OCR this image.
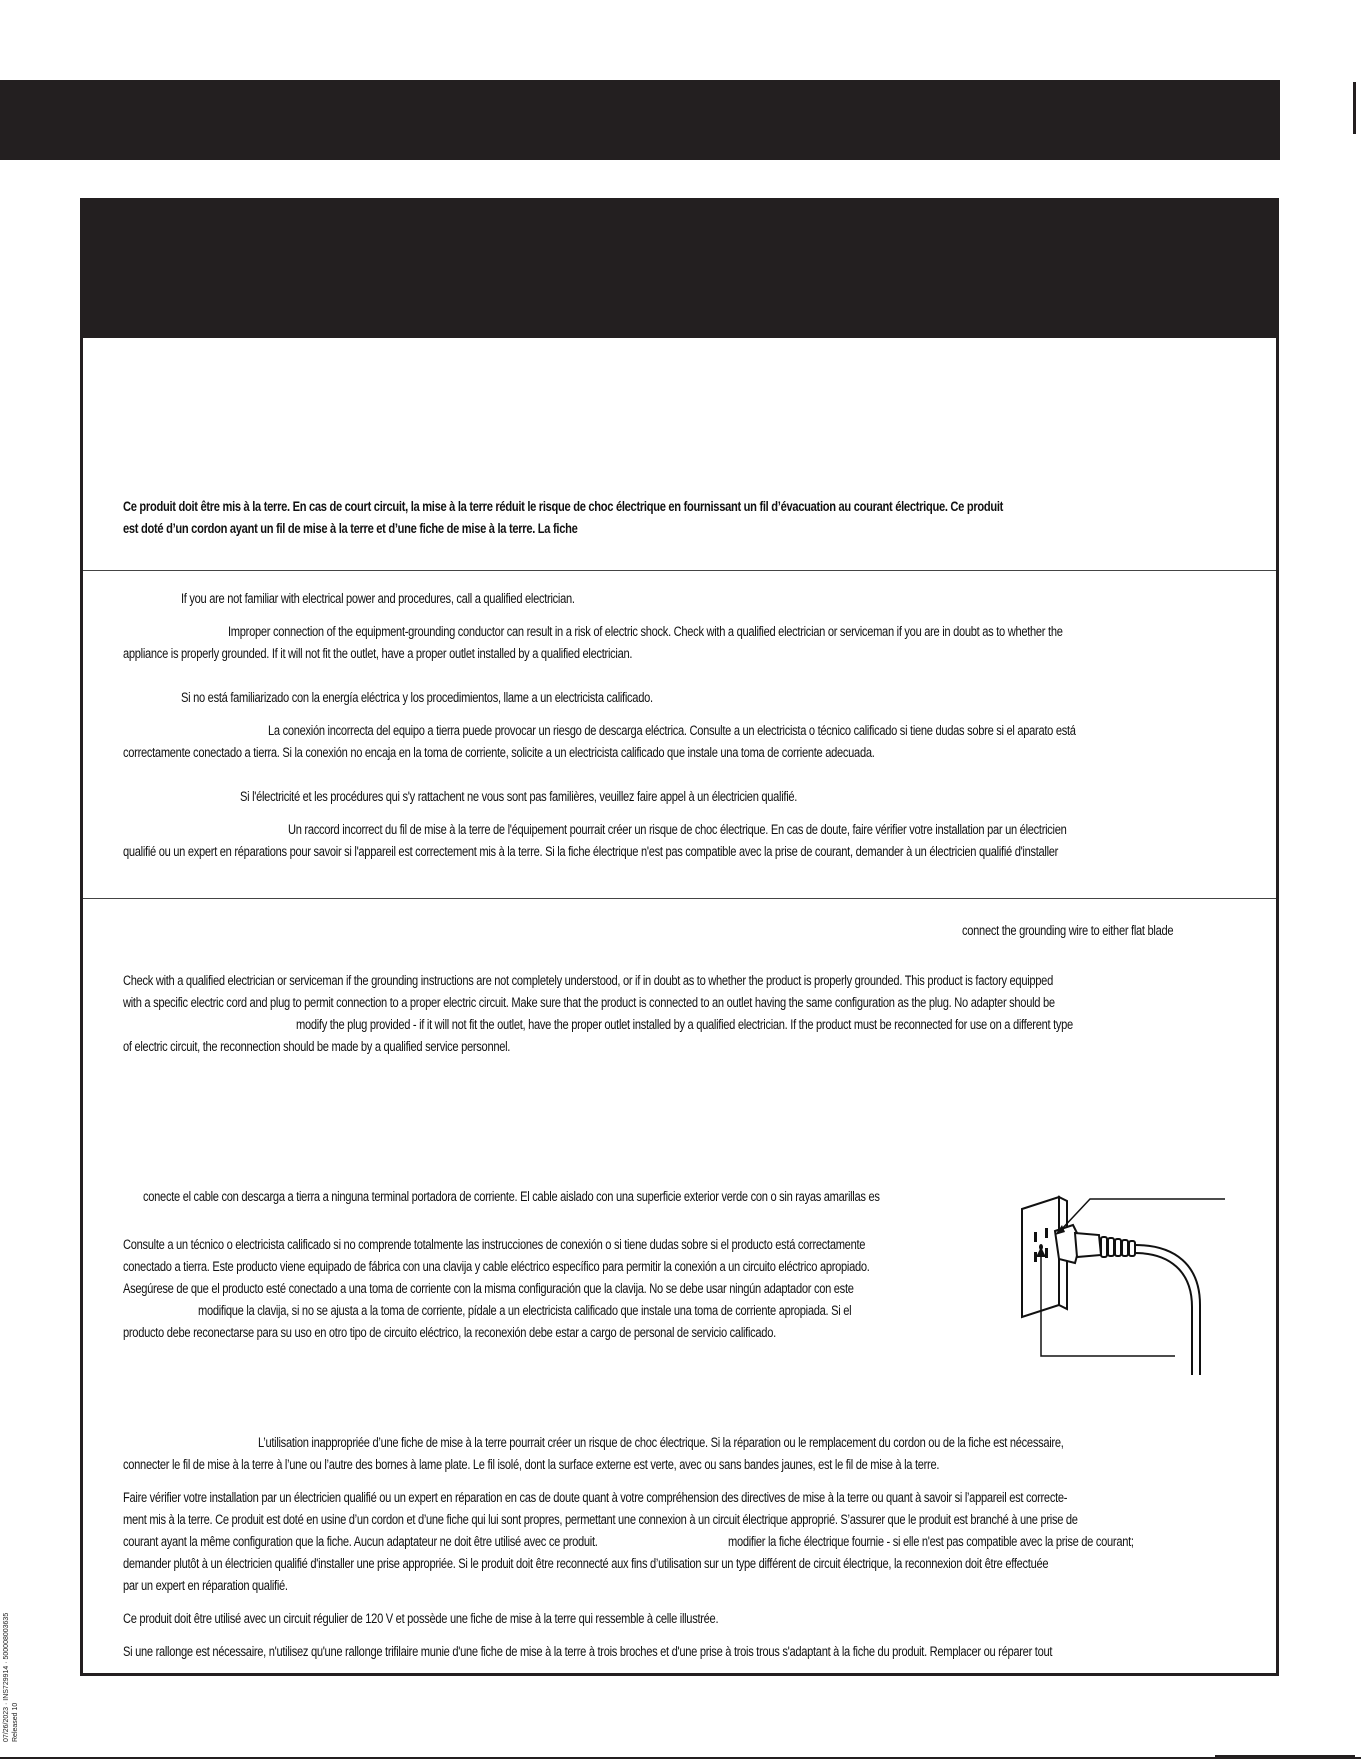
Ce produit doit être mis à la terre. En cas de court circuit, la mise à la terre réduit le risque de choc électrique en fournissant un fil d’évacuation au courant électrique. Ce produit
est doté d’un cordon ayant un fil de mise à la terre et d’une fiche de mise à la terre. La fiche
If you are not familiar with electrical power and procedures, call a qualified electrician.
Improper connection of the equipment-grounding conductor can result in a risk of electric shock. Check with a qualified electrician or serviceman if you are in doubt as to whether the
appliance is properly grounded. If it will not fit the outlet, have a proper outlet installed by a qualified electrician.
Si no está familiarizado con la energía eléctrica y los procedimientos, llame a un electricista calificado.
La conexión incorrecta del equipo a tierra puede provocar un riesgo de descarga eléctrica. Consulte a un electricista o técnico calificado si tiene dudas sobre si el aparato está
correctamente conectado a tierra. Si la conexión no encaja en la toma de corriente, solicite a un electricista calificado que instale una toma de corriente adecuada.
Si l'électricité et les procédures qui s'y rattachent ne vous sont pas familières, veuillez faire appel à un électricien qualifié.
Un raccord incorrect du fil de mise à la terre de l'équipement pourrait créer un risque de choc électrique. En cas de doute, faire vérifier votre installation par un électricien
qualifié ou un expert en réparations pour savoir si l'appareil est correctement mis à la terre. Si la fiche électrique n'est pas compatible avec la prise de courant, demander à un électricien qualifié d'installer
connect the grounding wire to either flat blade
Check with a qualified electrician or serviceman if the grounding instructions are not completely understood, or if in doubt as to whether the product is properly grounded. This product is factory equipped
with a specific electric cord and plug to permit connection to a proper electric circuit. Make sure that the product is connected to an outlet having the same configuration as the plug. No adapter should be
modify the plug provided - if it will not fit the outlet, have the proper outlet installed by a qualified electrician. If the product must be reconnected for use on a different type
of electric circuit, the reconnection should be made by a qualified service personnel.
conecte el cable con descarga a tierra a ninguna terminal portadora de corriente. El cable aislado con una superficie exterior verde con o sin rayas amarillas es
Consulte a un técnico o electricista calificado si no comprende totalmente las instrucciones de conexión o si tiene dudas sobre si el producto está correctamente
conectado a tierra. Este producto viene equipado de fábrica con una clavija y cable eléctrico específico para permitir la conexión a un circuito eléctrico apropiado.
Asegúrese de que el producto esté conectado a una toma de corriente con la misma configuración que la clavija. No se debe usar ningún adaptador con este
modifique la clavija, si no se ajusta a la toma de corriente, pídale a un electricista calificado que instale una toma de corriente apropiada. Si el
producto debe reconectarse para su uso en otro tipo de circuito eléctrico, la reconexión debe estar a cargo de personal de servicio calificado.
L’utilisation inappropriée d’une fiche de mise à la terre pourrait créer un risque de choc électrique. Si la réparation ou le remplacement du cordon ou de la fiche est nécessaire,
connecter le fil de mise à la terre à l’une ou l’autre des bornes à lame plate. Le fil isolé, dont la surface externe est verte, avec ou sans bandes jaunes, est le fil de mise à la terre.
Faire vérifier votre installation par un électricien qualifié ou un expert en réparation en cas de doute quant à votre compréhension des directives de mise à la terre ou quant à savoir si l’appareil est correcte-
ment mis à la terre. Ce produit est doté en usine d’un cordon et d’une fiche qui lui sont propres, permettant une connexion à un circuit électrique approprié. S’assurer que le produit est branché à une prise de
courant ayant la même configuration que la fiche. Aucun adaptateur ne doit être utilisé avec ce produit.	modifier la fiche électrique fournie - si elle n'est pas compatible avec la prise de courant;
demander plutôt à un électricien qualifié d'installer une prise appropriée. Si le produit doit être reconnecté aux fins d’utilisation sur un type différent de circuit électrique, la reconnexion doit être effectuée
par un expert en réparation qualifié.
Ce produit doit être utilisé avec un circuit régulier de 120 V et possède une fiche de mise à la terre qui ressemble à celle illustrée.
Si une rallonge est nécessaire, n'utilisez qu'une rallonge trifilaire munie d'une fiche de mise à la terre à trois broches et d'une prise à trois trous s'adaptant à la fiche du produit. Remplacer ou réparer tout
07/26/2023 · INS729914 · 500008003635 Released 10
